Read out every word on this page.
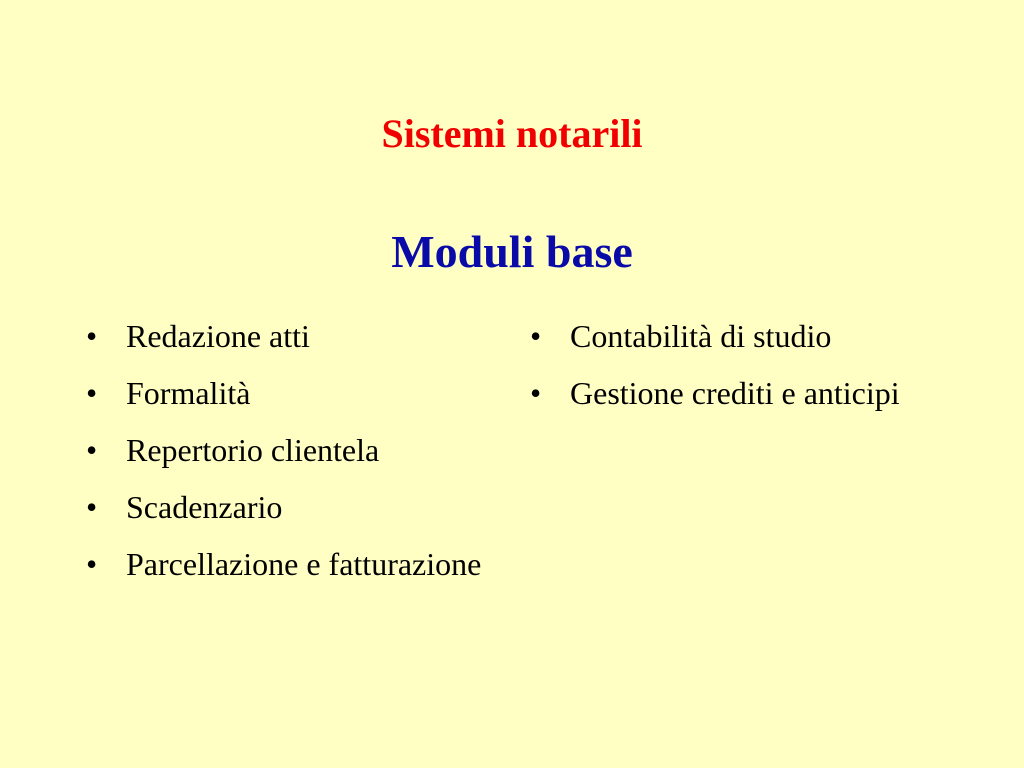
Sistemi notarili
Moduli base
• Redazione atti
• Formalità
• Repertorio clientela
• Scadenzario
• Parcellazione e fatturazione
• Contabilità di studio
• Gestione crediti e anticipi
